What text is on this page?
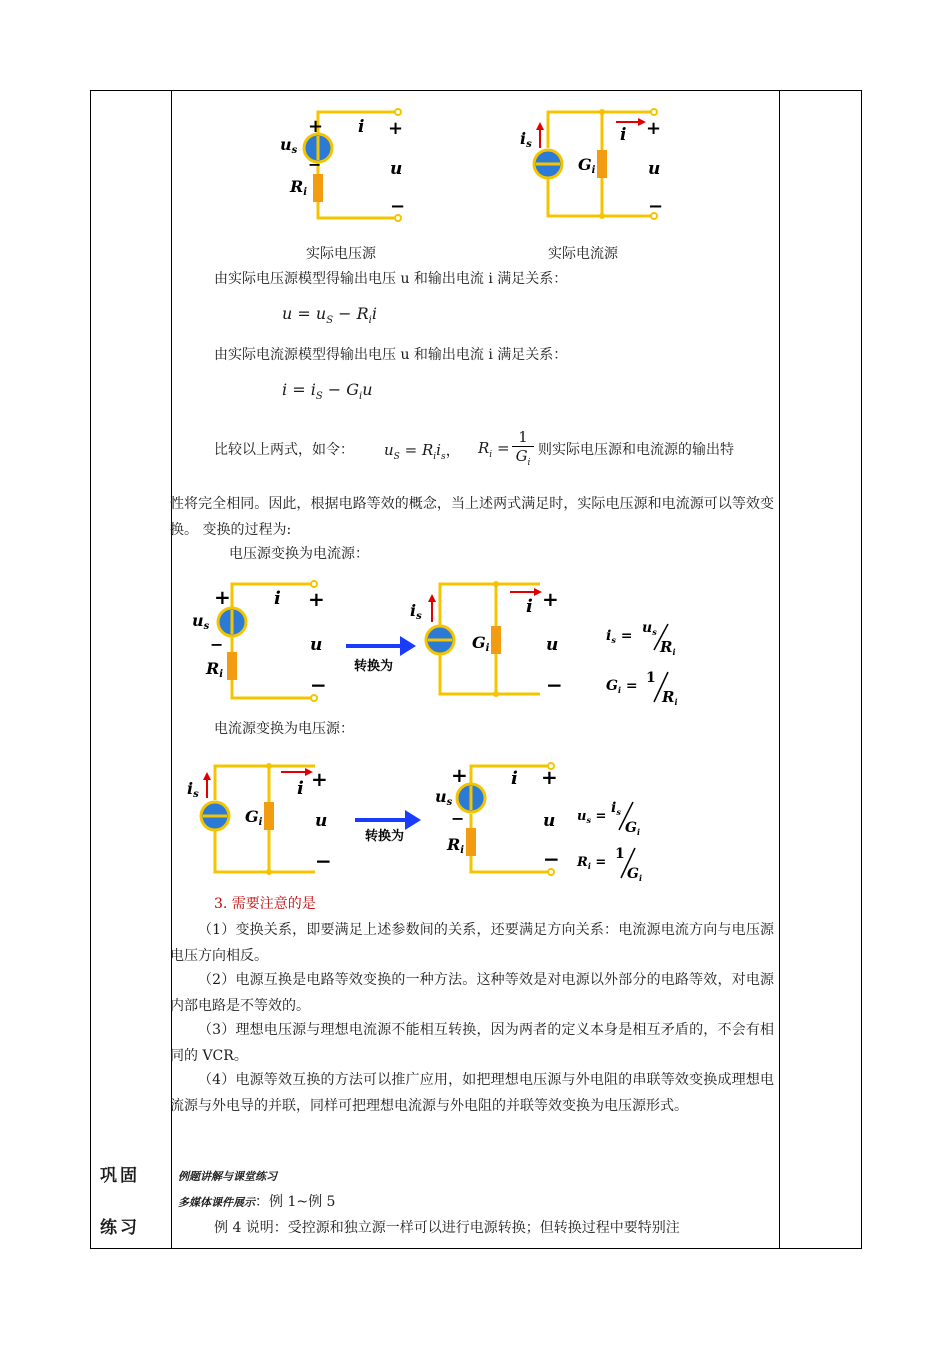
+
−
us
Ri
i +
u
−
is
Gi
i +
u
−
实际电压源	实际电流源
由实际电压源模型得输出电压 u 和输出电流 i 满足关系：
$u = u_S - R_ii$
由实际电流源模型得输出电压 u 和输出电流 i 满足关系：
$i = i_S - G_iu$
比较以上两式，如令： $u_S = R_ii_s$， $R_i$ =
1
$G_i$
则实际电压源和电流源的输出特
性将完全相同。因此，根据电路等效的概念，当上述两式满足时，实际电压源和电流源可以等效变换。 变换的过程为:
电压源变换为电流源：
+
−
us
Ri
i +
u
−
转换为
is
Gi
i +
u
−
$i_s = u_s$
$R_i$
$G_i = 1$
$R_i$
电流源变换为电压源：
is
Gi
i +
u
−
转换为
+
−
us
Ri
i +
u
−
$u_s$ =
$i_s$
$G_i$
$R_i$ =
1
$G_i$
3. 需要注意的是
（1）变换关系，即要满足上述参数间的关系，还要满足方向关系：电流源电流方向与电压源电压方向相反。
（2）电源互换是电路等效变换的一种方法。这种等效是对电源以外部分的电路等效，对电源内部电路是不等效的。
（3）理想电压源与理想电流源不能相互转换，因为两者的定义本身是相互矛盾的，不会有相同的 VCR。
（4）电源等效互换的方法可以推广应用，如把理想电压源与外电阻的串联等效变换成理想电流源与外电导的并联，同样可把理想电流源与外电阻的并联等效变换为电压源形式。
巩固
练习
例题讲解与课堂练习
多媒体课件展示：例 1~例 5
例 4 说明：受控源和独立源一样可以进行电源转换；但转换过程中要特别注
